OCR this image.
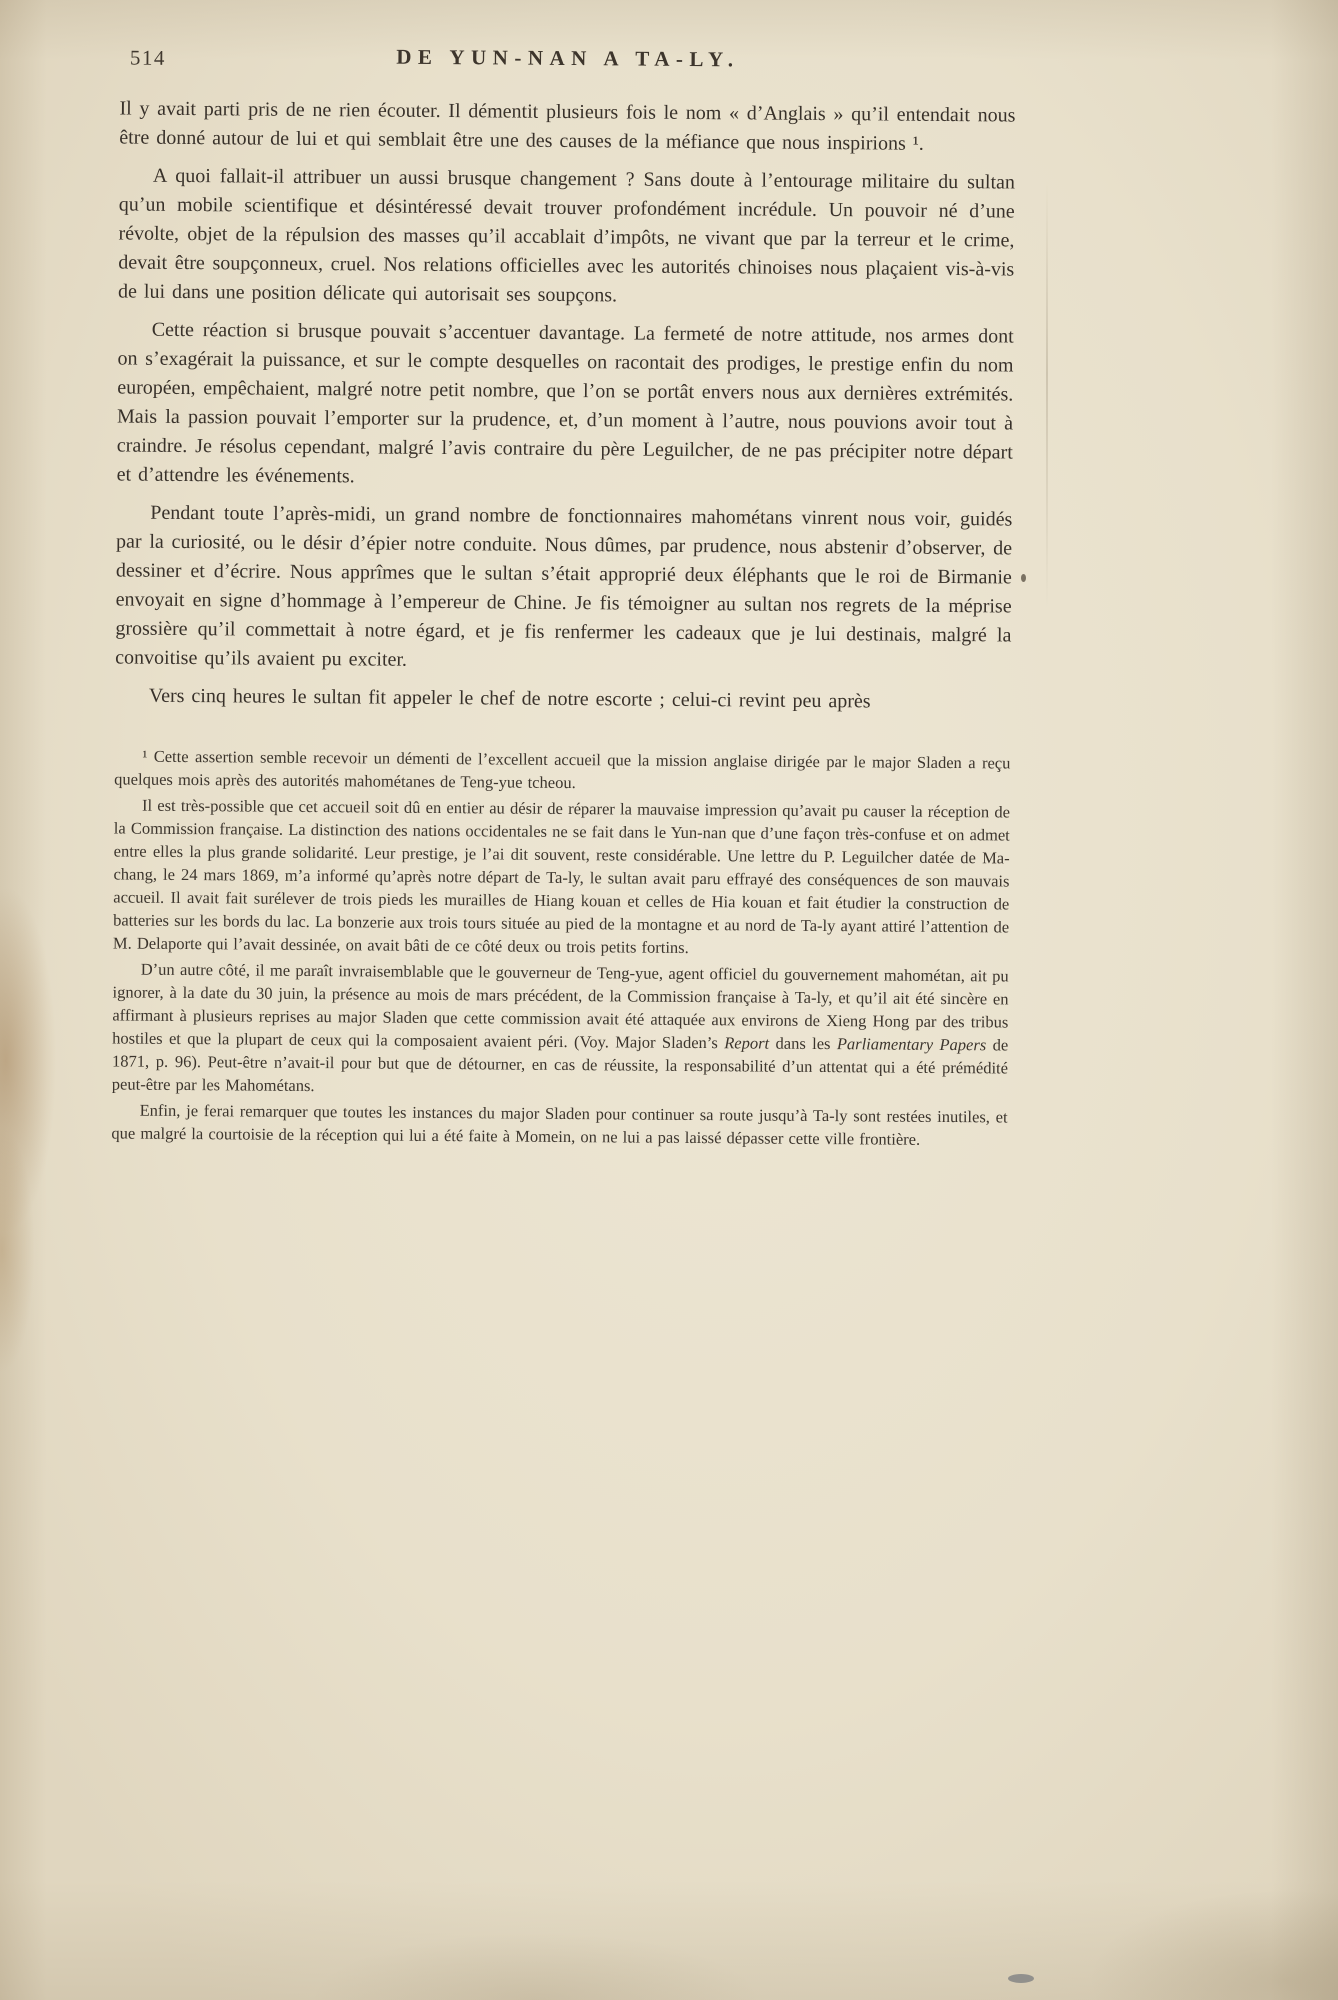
514	DE YUN-NAN A TA-LY.

Il y avait parti pris de ne rien écouter. Il démentit plusieurs fois le nom « d’Anglais » qu’il entendait nous être donné autour de lui et qui semblait être une des causes de la méfiance que nous inspirions ¹.

A quoi fallait-il attribuer un aussi brusque changement ? Sans doute à l’entourage militaire du sultan qu’un mobile scientifique et désintéressé devait trouver profondément incrédule. Un pouvoir né d’une révolte, objet de la répulsion des masses qu’il accablait d’impôts, ne vivant que par la terreur et le crime, devait être soupçonneux, cruel. Nos relations officielles avec les autorités chinoises nous plaçaient vis-à-vis de lui dans une position délicate qui autorisait ses soupçons.

Cette réaction si brusque pouvait s’accentuer davantage. La fermeté de notre attitude, nos armes dont on s’exagérait la puissance, et sur le compte desquelles on racontait des prodiges, le prestige enfin du nom européen, empêchaient, malgré notre petit nombre, que l’on se portât envers nous aux dernières extrémités. Mais la passion pouvait l’emporter sur la prudence, et, d’un moment à l’autre, nous pouvions avoir tout à craindre. Je résolus cependant, malgré l’avis contraire du père Leguilcher, de ne pas précipiter notre départ et d’attendre les événements.

Pendant toute l’après-midi, un grand nombre de fonctionnaires mahométans vinrent nous voir, guidés par la curiosité, ou le désir d’épier notre conduite. Nous dûmes, par prudence, nous abstenir d’observer, de dessiner et d’écrire. Nous apprîmes que le sultan s’était approprié deux éléphants que le roi de Birmanie envoyait en signe d’hommage à l’empereur de Chine. Je fis témoigner au sultan nos regrets de la méprise grossière qu’il commettait à notre égard, et je fis renfermer les cadeaux que je lui destinais, malgré la convoitise qu’ils avaient pu exciter.

Vers cinq heures le sultan fit appeler le chef de notre escorte ; celui-ci revint peu après

¹ Cette assertion semble recevoir un démenti de l’excellent accueil que la mission anglaise dirigée par le major Sladen a reçu quelques mois après des autorités mahométanes de Teng-yue tcheou.

Il est très-possible que cet accueil soit dû en entier au désir de réparer la mauvaise impression qu’avait pu causer la réception de la Commission française. La distinction des nations occidentales ne se fait dans le Yun-nan que d’une façon très-confuse et on admet entre elles la plus grande solidarité. Leur prestige, je l’ai dit souvent, reste considérable. Une lettre du P. Leguilcher datée de Ma-chang, le 24 mars 1869, m’a informé qu’après notre départ de Ta-ly, le sultan avait paru effrayé des conséquences de son mauvais accueil. Il avait fait surélever de trois pieds les murailles de Hiang kouan et celles de Hia kouan et fait étudier la construction de batteries sur les bords du lac. La bonzerie aux trois tours située au pied de la montagne et au nord de Ta-ly ayant attiré l’attention de M. Delaporte qui l’avait dessinée, on avait bâti de ce côté deux ou trois petits fortins.

D’un autre côté, il me paraît invraisemblable que le gouverneur de Teng-yue, agent officiel du gouvernement mahométan, ait pu ignorer, à la date du 30 juin, la présence au mois de mars précédent, de la Commission française à Ta-ly, et qu’il ait été sincère en affirmant à plusieurs reprises au major Sladen que cette commission avait été attaquée aux environs de Xieng Hong par des tribus hostiles et que la plupart de ceux qui la composaient avaient péri. (Voy. Major Sladen’s Report dans les Parliamentary Papers de 1871, p. 96). Peut-être n’avait-il pour but que de détourner, en cas de réussite, la responsabilité d’un attentat qui a été prémédité peut-être par les Mahométans.

Enfin, je ferai remarquer que toutes les instances du major Sladen pour continuer sa route jusqu’à Ta-ly sont restées inutiles, et que malgré la courtoisie de la réception qui lui a été faite à Momein, on ne lui a pas laissé dépasser cette ville frontière.
